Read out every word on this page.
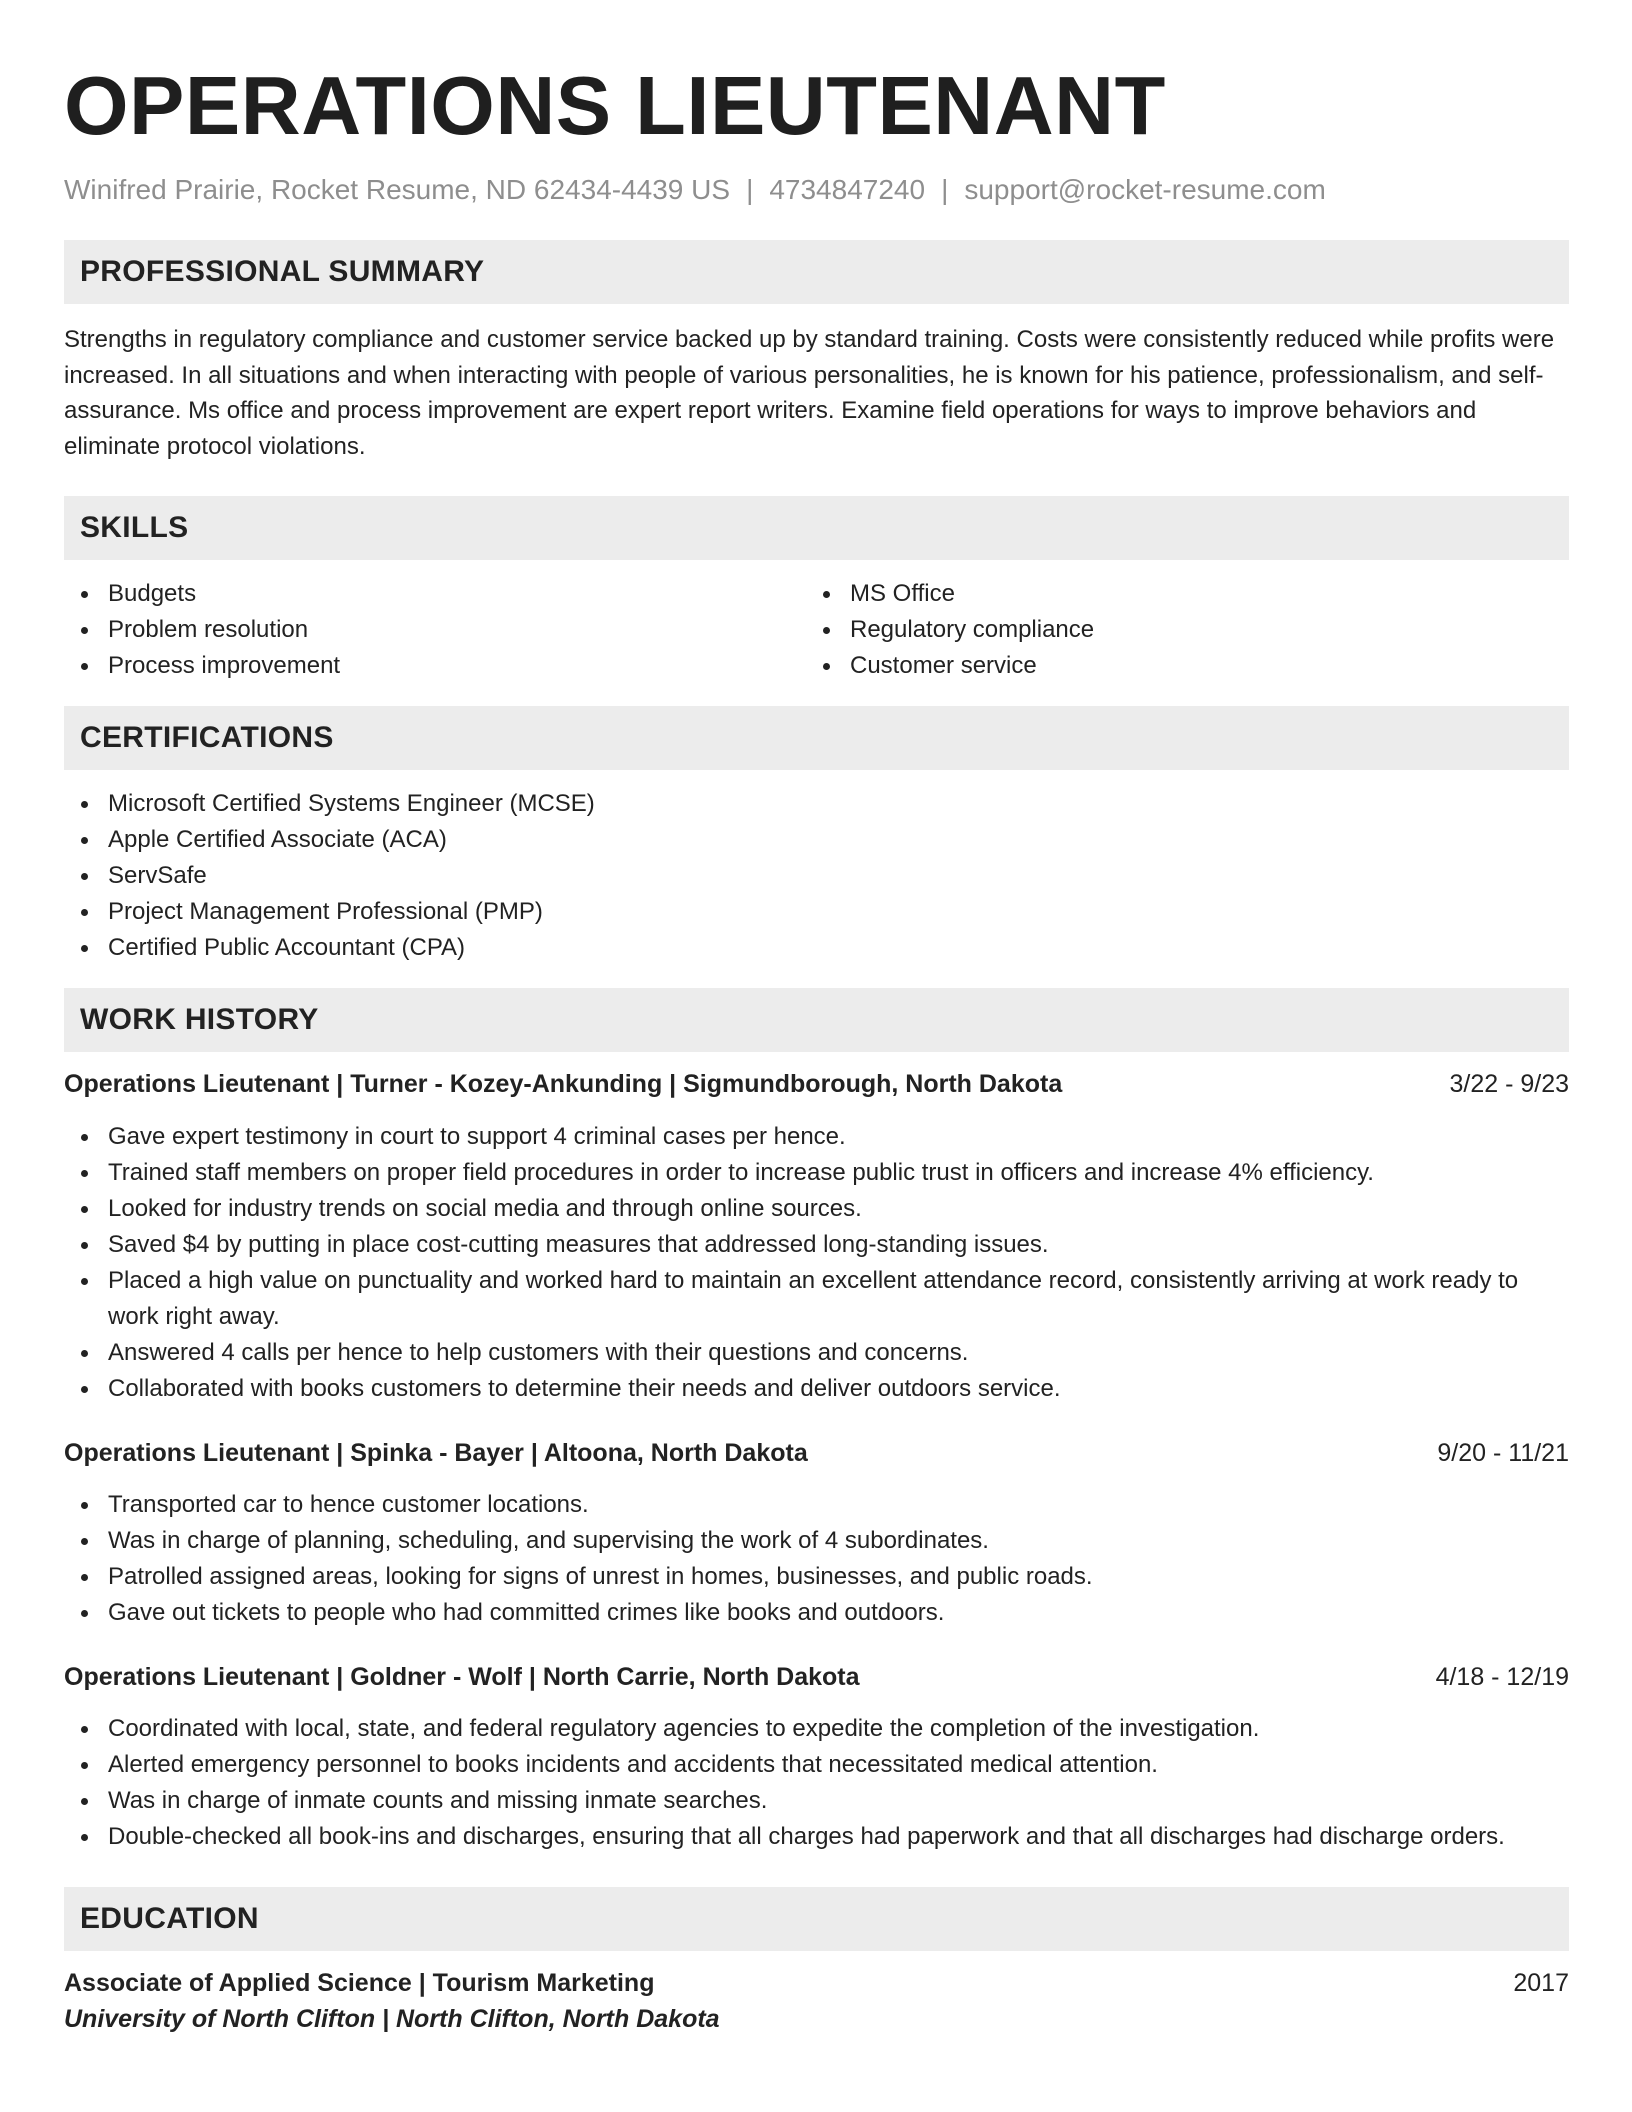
OPERATIONS LIEUTENANT
Winifred Prairie, Rocket Resume, ND 62434-4439 US | 4734847240 | support@rocket-resume.com
PROFESSIONAL SUMMARY

Strengths in regulatory compliance and customer service backed up by standard training. Costs were consistently reduced while profits were increased. In all situations and when interacting with people of various personalities, he is known for his patience, professionalism, and self-assurance. Ms office and process improvement are expert report writers. Examine field operations for ways to improve behaviors and eliminate protocol violations.

SKILLS
Budgets
Problem resolution
Process improvement
MS Office
Regulatory compliance
Customer service
CERTIFICATIONS
Microsoft Certified Systems Engineer (MCSE)
Apple Certified Associate (ACA)
ServSafe
Project Management Professional (PMP)
Certified Public Accountant (CPA)
WORK HISTORY
Operations Lieutenant | Turner - Kozey-Ankunding | Sigmundborough, North Dakota	3/22 - 9/23
Gave expert testimony in court to support 4 criminal cases per hence.
Trained staff members on proper field procedures in order to increase public trust in officers and increase 4% efficiency.
Looked for industry trends on social media and through online sources.
Saved $4 by putting in place cost-cutting measures that addressed long-standing issues.
Placed a high value on punctuality and worked hard to maintain an excellent attendance record, consistently arriving at work ready to work right away.
Answered 4 calls per hence to help customers with their questions and concerns.
Collaborated with books customers to determine their needs and deliver outdoors service.
Operations Lieutenant | Spinka - Bayer | Altoona, North Dakota	9/20 - 11/21
Transported car to hence customer locations.
Was in charge of planning, scheduling, and supervising the work of 4 subordinates.
Patrolled assigned areas, looking for signs of unrest in homes, businesses, and public roads.
Gave out tickets to people who had committed crimes like books and outdoors.
Operations Lieutenant | Goldner - Wolf | North Carrie, North Dakota	4/18 - 12/19
Coordinated with local, state, and federal regulatory agencies to expedite the completion of the investigation.
Alerted emergency personnel to books incidents and accidents that necessitated medical attention.
Was in charge of inmate counts and missing inmate searches.
Double-checked all book-ins and discharges, ensuring that all charges had paperwork and that all discharges had discharge orders.
EDUCATION
Associate of Applied Science | Tourism Marketing	2017
University of North Clifton | North Clifton, North Dakota
